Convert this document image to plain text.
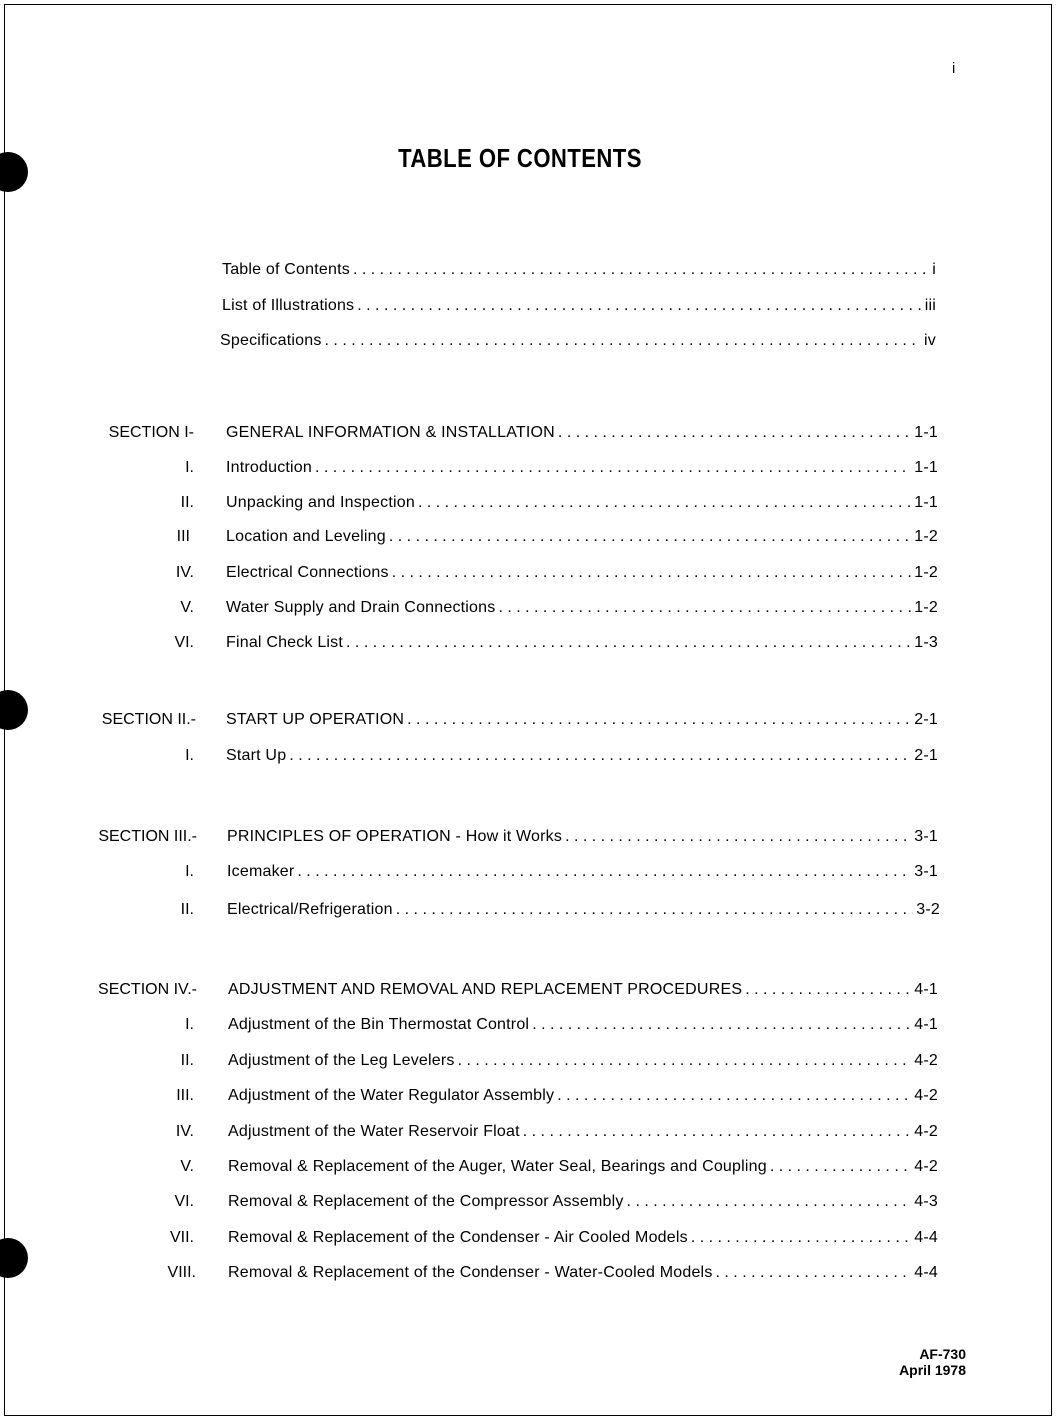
i
TABLE OF CONTENTS
Table of Contents . . .	i
List of Illustrations . . .	iii
Specifications . . .	iv
SECTION I- GENERAL INFORMATION & INSTALLATION . . .	1-1
I. Introduction . . .	1-1
II. Unpacking and Inspection . . .	1-1
III Location and Leveling . . .	1-2
IV. Electrical Connections . . .	1-2
V. Water Supply and Drain Connections . . .	1-2
VI. Final Check List . . .	1-3
SECTION II.- START UP OPERATION . . .	2-1
I. Start Up . . .	2-1
SECTION III.- PRINCIPLES OF OPERATION - How it Works . . .	3-1
I. Icemaker . . .	3-1
II. Electrical/Refrigeration . . .	3-2
SECTION IV.- ADJUSTMENT AND REMOVAL AND REPLACEMENT PROCEDURES . . .	4-1
I. Adjustment of the Bin Thermostat Control . . .	4-1
II. Adjustment of the Leg Levelers . . .	4-2
III. Adjustment of the Water Regulator Assembly . . .	4-2
IV. Adjustment of the Water Reservoir Float . . .	4-2
V. Removal & Replacement of the Auger, Water Seal, Bearings and Coupling . . .	4-2
VI. Removal & Replacement of the Compressor Assembly . . .	4-3
VII. Removal & Replacement of the Condenser - Air Cooled Models . . .	4-4
VIII. Removal & Replacement of the Condenser - Water-Cooled Models . . .	4-4
AF-730
April 1978
